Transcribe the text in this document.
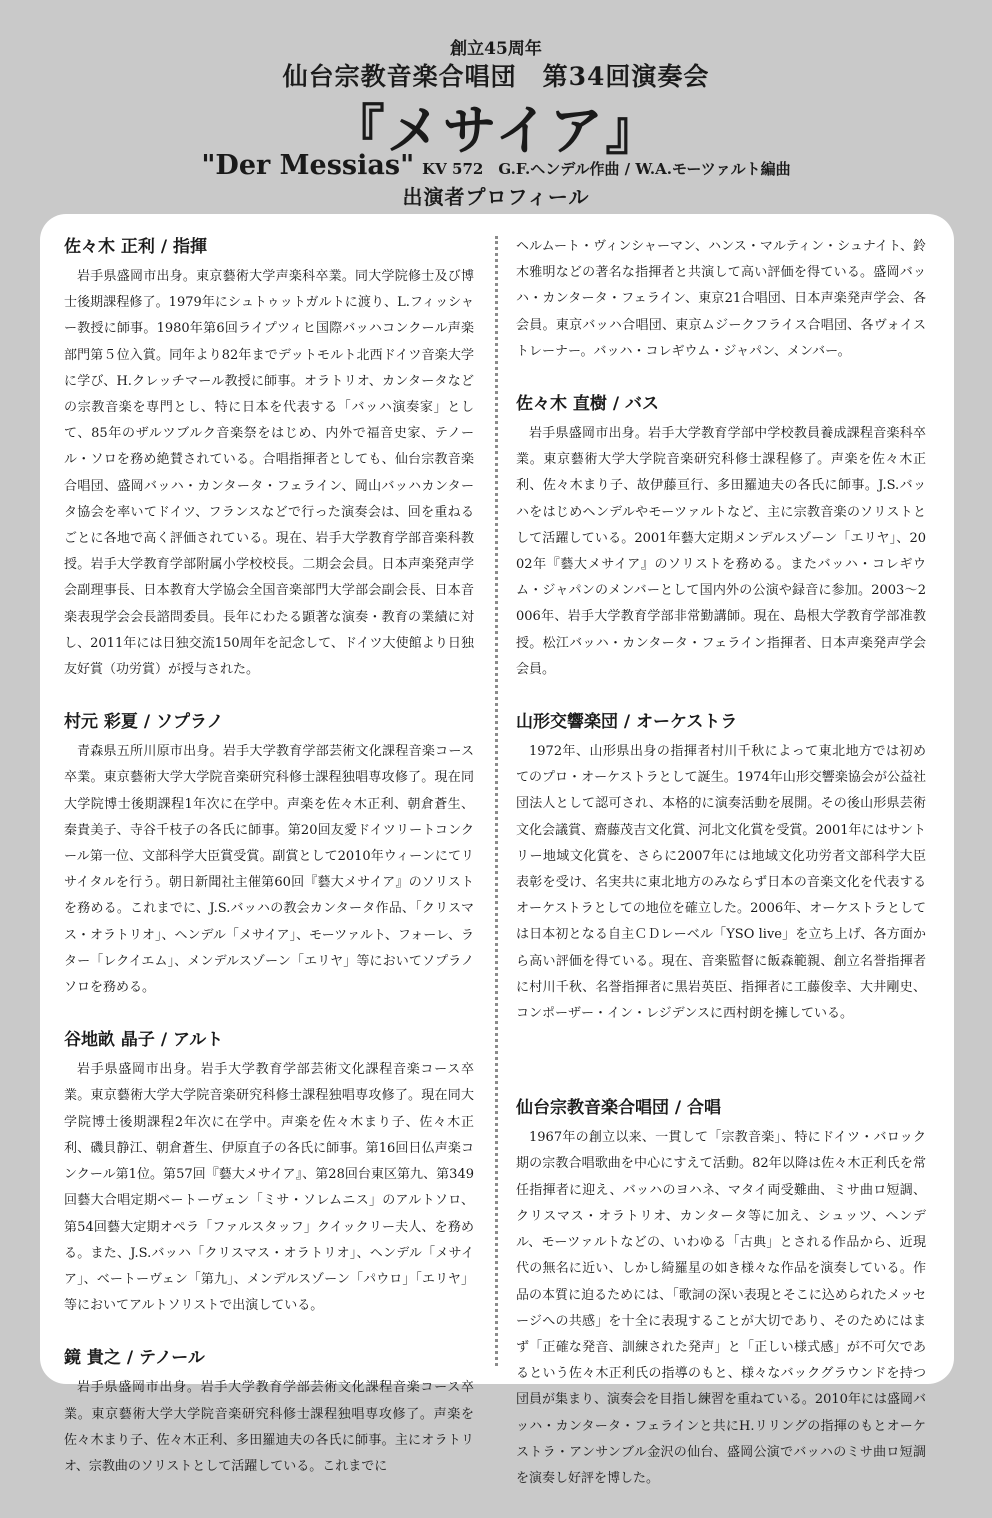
創立45周年
仙台宗教音楽合唱団　第34回演奏会
『メサイア』
"Der Messias" KV 572　G.F.ヘンデル作曲 / W.A.モーツァルト編曲
出演者プロフィール
佐々木 正利 / 指揮

岩手県盛岡市出身。東京藝術大学声楽科卒業。同大学院修士及び博士後期課程修了。1979年にシュトゥットガルトに渡り、L.フィッシャー教授に師事。1980年第6回ライプツィヒ国際バッハコンクール声楽部門第５位入賞。同年より82年までデットモルト北西ドイツ音楽大学に学び、H.クレッチマール教授に師事。オラトリオ、カンタータなどの宗教音楽を専門とし、特に日本を代表する「バッハ演奏家」として、85年のザルツブルク音楽祭をはじめ、内外で福音史家、テノール・ソロを務め絶賛されている。合唱指揮者としても、仙台宗教音楽合唱団、盛岡バッハ・カンタータ・フェライン、岡山バッハカンタータ協会を率いてドイツ、フランスなどで行った演奏会は、回を重ねるごとに各地で高く評価されている。現在、岩手大学教育学部音楽科教授。岩手大学教育学部附属小学校校長。二期会会員。日本声楽発声学会副理事長、日本教育大学協会全国音楽部門大学部会副会長、日本音楽表現学会会長諮問委員。長年にわたる顕著な演奏・教育の業績に対し、2011年には日独交流150周年を記念して、ドイツ大使館より日独友好賞（功労賞）が授与された。

村元 彩夏 / ソプラノ

青森県五所川原市出身。岩手大学教育学部芸術文化課程音楽コース卒業。東京藝術大学大学院音楽研究科修士課程独唱専攻修了。現在同大学院博士後期課程1年次に在学中。声楽を佐々木正利、朝倉蒼生、秦貴美子、寺谷千枝子の各氏に師事。第20回友愛ドイツリートコンクール第一位、文部科学大臣賞受賞。副賞として2010年ウィーンにてリサイタルを行う。朝日新聞社主催第60回『藝大メサイア』のソリストを務める。これまでに、J.S.バッハの教会カンタータ作品、「クリスマス・オラトリオ」、ヘンデル「メサイア」、モーツァルト、フォーレ、ラター「レクイエム」、メンデルスゾーン「エリヤ」等においてソプラノソロを務める。

谷地畝 晶子 / アルト

岩手県盛岡市出身。岩手大学教育学部芸術文化課程音楽コース卒業。東京藝術大学大学院音楽研究科修士課程独唱専攻修了。現在同大学院博士後期課程2年次に在学中。声楽を佐々木まり子、佐々木正利、磯貝静江、朝倉蒼生、伊原直子の各氏に師事。第16回日仏声楽コンクール第1位。第57回『藝大メサイア』、第28回台東区第九、第349回藝大合唱定期ベートーヴェン「ミサ・ソレムニス」のアルトソロ、第54回藝大定期オペラ「ファルスタッフ」クイックリー夫人、を務める。また、J.S.バッハ「クリスマス・オラトリオ」、ヘンデル「メサイア」、ベートーヴェン「第九」、メンデルスゾーン「パウロ」「エリヤ」等においてアルトソリストで出演している。

鏡 貴之 / テノール

岩手県盛岡市出身。岩手大学教育学部芸術文化課程音楽コース卒業。東京藝術大学大学院音楽研究科修士課程独唱専攻修了。声楽を佐々木まり子、佐々木正利、多田羅迪夫の各氏に師事。主にオラトリオ、宗教曲のソリストとして活躍している。これまでに

ヘルムート・ヴィンシャーマン、ハンス・マルティン・シュナイト、鈴木雅明などの著名な指揮者と共演して高い評価を得ている。盛岡バッハ・カンタータ・フェライン、東京21合唱団、日本声楽発声学会、各会員。東京バッハ合唱団、東京ムジークフライス合唱団、各ヴォイストレーナー。バッハ・コレギウム・ジャパン、メンバー。

佐々木 直樹 / バス

岩手県盛岡市出身。岩手大学教育学部中学校教員養成課程音楽科卒業。東京藝術大学大学院音楽研究科修士課程修了。声楽を佐々木正利、佐々木まり子、故伊藤亘行、多田羅迪夫の各氏に師事。J.S.バッハをはじめヘンデルやモーツァルトなど、主に宗教音楽のソリストとして活躍している。2001年藝大定期メンデルスゾーン「エリヤ」、2002年『藝大メサイア』のソリストを務める。またバッハ・コレギウム・ジャパンのメンバーとして国内外の公演や録音に参加。2003〜2006年、岩手大学教育学部非常勤講師。現在、島根大学教育学部准教授。松江バッハ・カンタータ・フェライン指揮者、日本声楽発声学会会員。

山形交響楽団 / オーケストラ

1972年、山形県出身の指揮者村川千秋によって東北地方では初めてのプロ・オーケストラとして誕生。1974年山形交響楽協会が公益社団法人として認可され、本格的に演奏活動を展開。その後山形県芸術文化会議賞、齋藤茂吉文化賞、河北文化賞を受賞。2001年にはサントリー地域文化賞を、さらに2007年には地域文化功労者文部科学大臣表彰を受け、名実共に東北地方のみならず日本の音楽文化を代表するオーケストラとしての地位を確立した。2006年、オーケストラとしては日本初となる自主ＣＤレーベル「YSO live」を立ち上げ、各方面から高い評価を得ている。現在、音楽監督に飯森範親、創立名誉指揮者に村川千秋、名誉指揮者に黒岩英臣、指揮者に工藤俊幸、大井剛史、コンポーザー・イン・レジデンスに西村朗を擁している。

仙台宗教音楽合唱団 / 合唱

1967年の創立以来、一貫して「宗教音楽」、特にドイツ・バロック期の宗教合唱歌曲を中心にすえて活動。82年以降は佐々木正利氏を常任指揮者に迎え、バッハのヨハネ、マタイ両受難曲、ミサ曲ロ短調、クリスマス・オラトリオ、カンタータ等に加え、シュッツ、ヘンデル、モーツァルトなどの、いわゆる「古典」とされる作品から、近現代の無名に近い、しかし綺羅星の如き様々な作品を演奏している。作品の本質に迫るためには、「歌詞の深い表現とそこに込められたメッセージへの共感」を十全に表現することが大切であり、そのためにはまず「正確な発音、訓練された発声」と「正しい様式感」が不可欠であるという佐々木正利氏の指導のもと、様々なバックグラウンドを持つ団員が集まり、演奏会を目指し練習を重ねている。2010年には盛岡バッハ・カンタータ・フェラインと共にH.リリングの指揮のもとオーケストラ・アンサンブル金沢の仙台、盛岡公演でバッハのミサ曲ロ短調を演奏し好評を博した。
